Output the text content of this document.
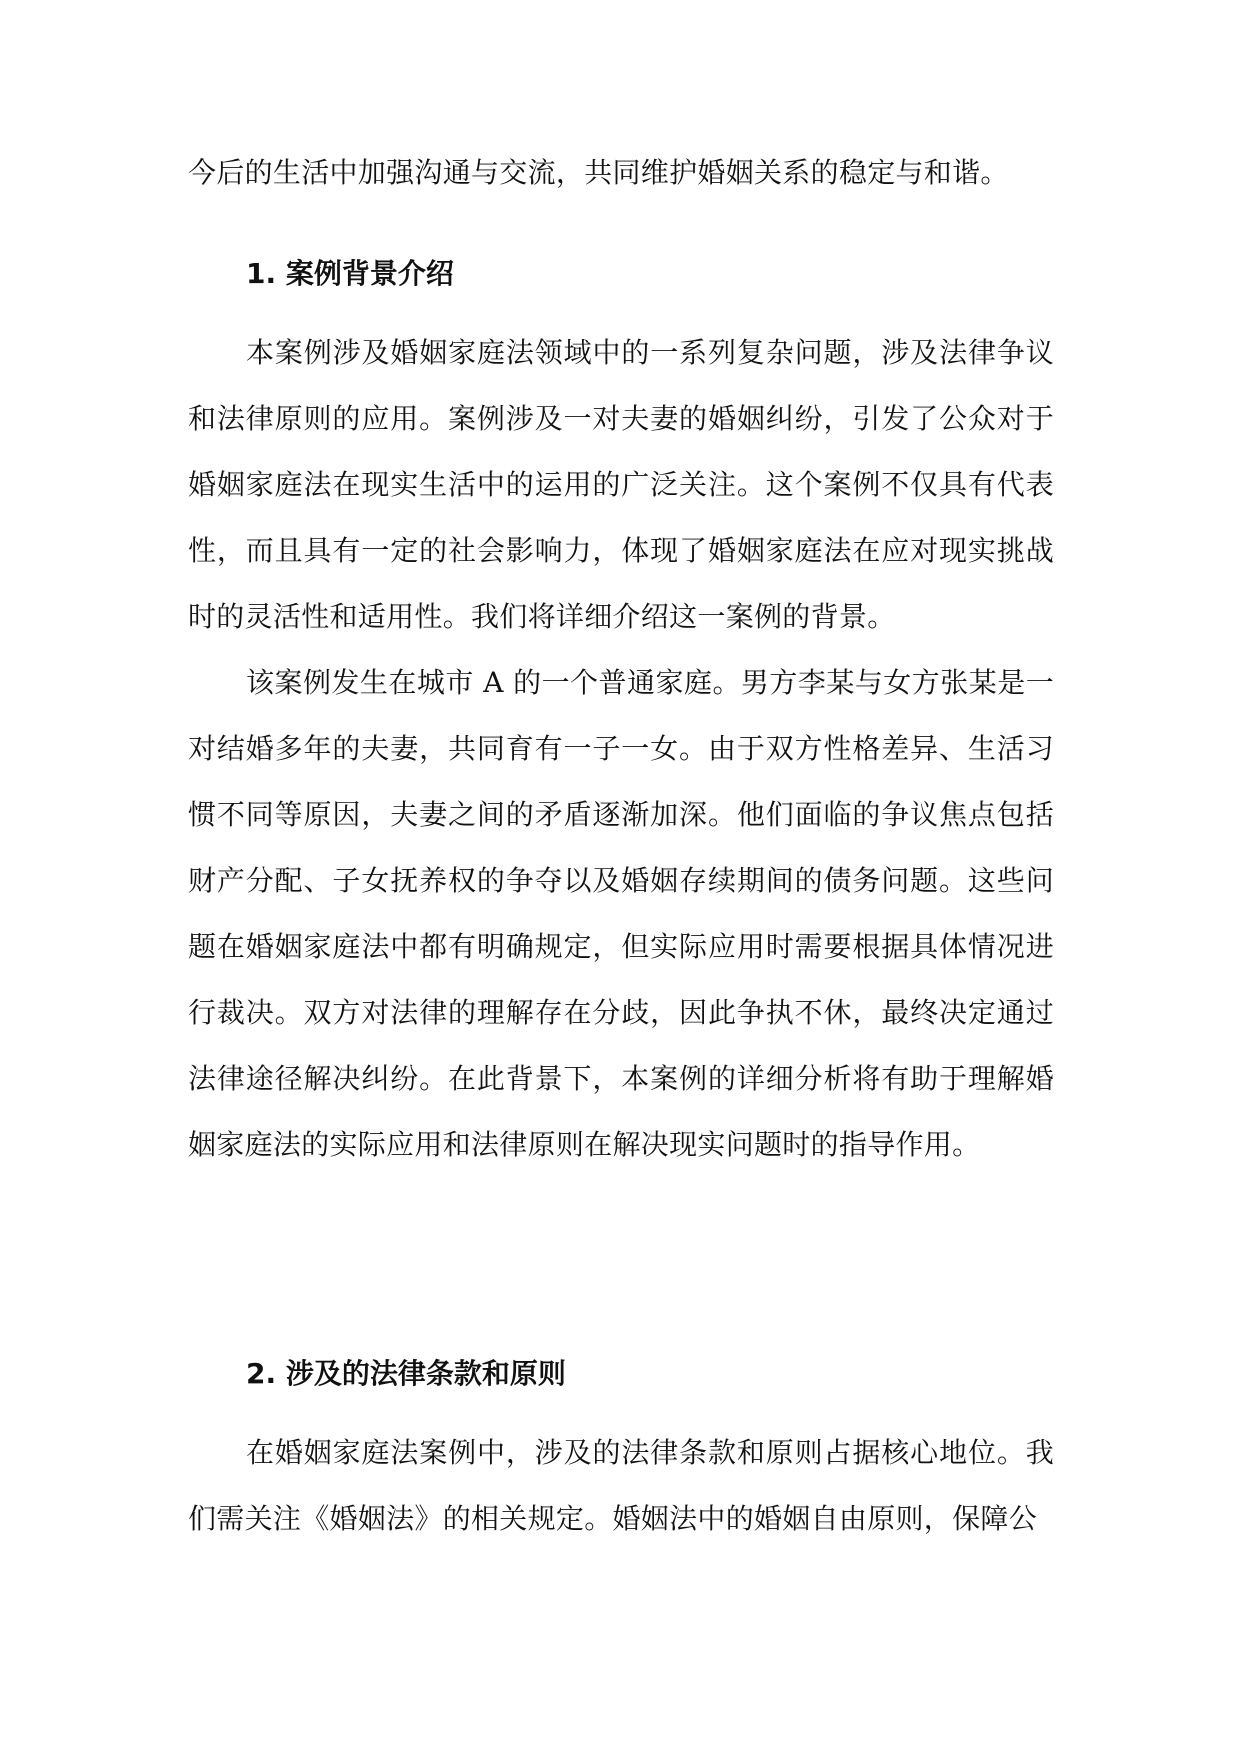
今后的生活中加强沟通与交流，共同维护婚姻关系的稳定与和谐。

1. 案例背景介绍

本案例涉及婚姻家庭法领域中的一系列复杂问题，涉及法律争议和法律原则的应用。案例涉及一对夫妻的婚姻纠纷，引发了公众对于婚姻家庭法在现实生活中的运用的广泛关注。这个案例不仅具有代表性，而且具有一定的社会影响力，体现了婚姻家庭法在应对现实挑战时的灵活性和适用性。我们将详细介绍这一案例的背景。

该案例发生在城市 A 的一个普通家庭。男方李某与女方张某是一对结婚多年的夫妻，共同育有一子一女。由于双方性格差异、生活习惯不同等原因，夫妻之间的矛盾逐渐加深。他们面临的争议焦点包括财产分配、子女抚养权的争夺以及婚姻存续期间的债务问题。这些问题在婚姻家庭法中都有明确规定，但实际应用时需要根据具体情况进行裁决。双方对法律的理解存在分歧，因此争执不休，最终决定通过法律途径解决纠纷。在此背景下，本案例的详细分析将有助于理解婚姻家庭法的实际应用和法律原则在解决现实问题时的指导作用。

2. 涉及的法律条款和原则

在婚姻家庭法案例中，涉及的法律条款和原则占据核心地位。我们需关注《婚姻法》的相关规定。婚姻法中的婚姻自由原则，保障公
